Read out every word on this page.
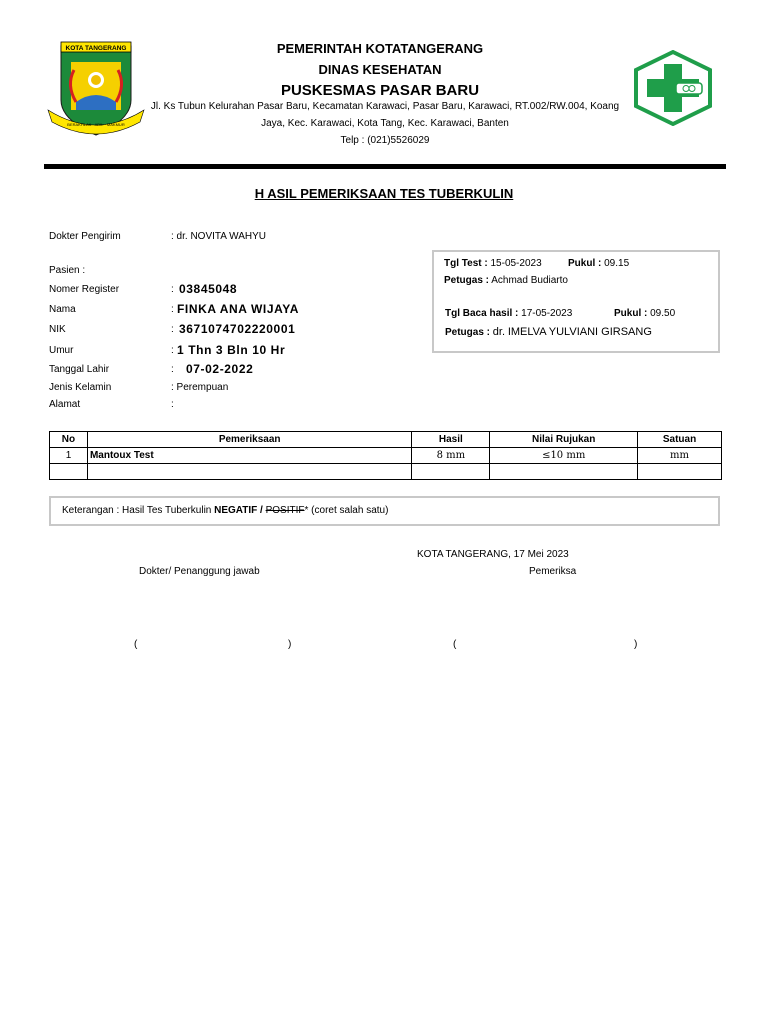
KOTA TANGERANG
BERAKHLAK · ADIL · MAKMUR
PEMERINTAH KOTATANGERANG
DINAS KESEHATAN
PUSKESMAS PASAR BARU
Jl. Ks Tubun Kelurahan Pasar Baru, Kecamatan Karawaci, Pasar Baru, Karawaci, RT.002/RW.004, Koang
Jaya, Kec. Karawaci, Kota Tang, Kec. Karawaci, Banten
Telp : (021)5526029
H ASIL PEMERIKSAAN TES TUBERKULIN
Dokter Pengirim	: dr. NOVITA WAHYU
Pasien :
Nomer Register	: 03845048
Nama	: FINKA ANA WIJAYA
NIK	: 3671074702220001
Umur	: 1 Thn 3 Bln 10 Hr
Tanggal Lahir	: 07-02-2022
Jenis Kelamin	: Perempuan
Alamat	:
Tgl Test : 15-05-2023	Pukul : 09.15
Petugas : Achmad Budiarto
Tgl Baca hasil : 17-05-2023	Pukul : 09.50
Petugas : dr. IMELVA YULVIANI GIRSANG
No	Pemeriksaan	Hasil	Nilai Rujukan	Satuan
1	Mantoux Test	8 mm	≤10 mm	mm

Keterangan : Hasil Tes Tuberkulin NEGATIF / POSITIF* (coret salah satu)
KOTA TANGERANG, 17 Mei 2023
Dokter/ Penanggung jawab	Pemeriksa
(	)	(	)
